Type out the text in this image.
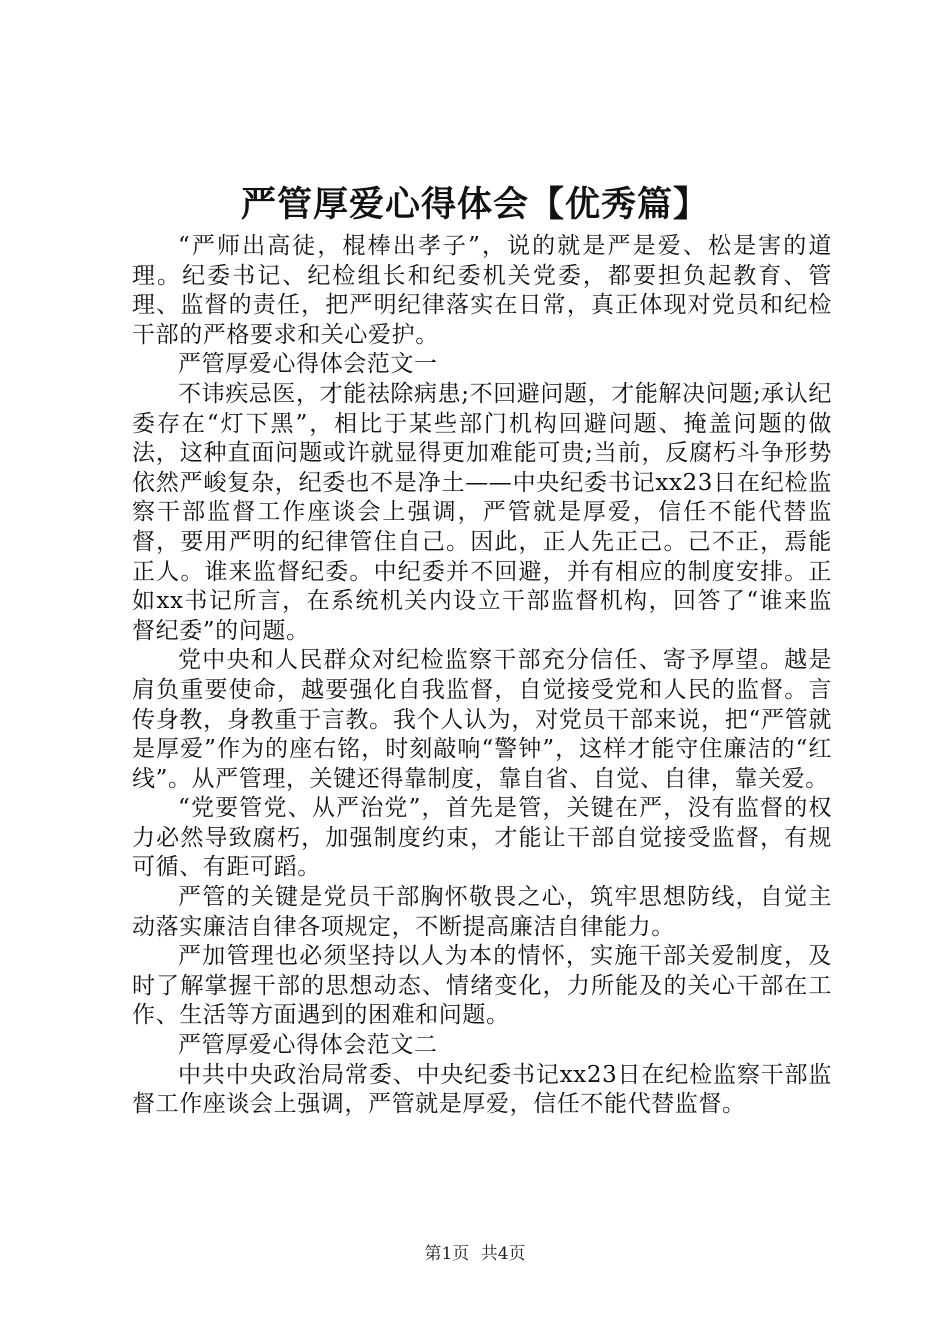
严管厚爱心得体会【优秀篇】

“严师出高徒，棍棒出孝子”，说的就是严是爱、松是害的道理。纪委书记、纪检组长和纪委机关党委，都要担负起教育、管理、监督的责任，把严明纪律落实在日常，真正体现对党员和纪检干部的严格要求和关心爱护。

严管厚爱心得体会范文一

不讳疾忌医，才能祛除病患;不回避问题，才能解决问题;承认纪委存在“灯下黑”，相比于某些部门机构回避问题、掩盖问题的做法，这种直面问题或许就显得更加难能可贵;当前，反腐朽斗争形势依然严峻复杂，纪委也不是净土——中央纪委书记xx23日在纪检监察干部监督工作座谈会上强调，严管就是厚爱，信任不能代替监督，要用严明的纪律管住自己。因此，正人先正己。己不正，焉能正人。谁来监督纪委。中纪委并不回避，并有相应的制度安排。正如xx书记所言，在系统机关内设立干部监督机构，回答了“谁来监督纪委”的问题。

党中央和人民群众对纪检监察干部充分信任、寄予厚望。越是肩负重要使命，越要强化自我监督，自觉接受党和人民的监督。言传身教，身教重于言教。我个人认为，对党员干部来说，把“严管就是厚爱”作为的座右铭，时刻敲响“警钟”，这样才能守住廉洁的“红线”。从严管理，关键还得靠制度，靠自省、自觉、自律，靠关爱。

“党要管党、从严治党”，首先是管，关键在严，没有监督的权力必然导致腐朽，加强制度约束，才能让干部自觉接受监督，有规可循、有距可蹈。

严管的关键是党员干部胸怀敬畏之心，筑牢思想防线，自觉主动落实廉洁自律各项规定，不断提高廉洁自律能力。

严加管理也必须坚持以人为本的情怀，实施干部关爱制度，及时了解掌握干部的思想动态、情绪变化，力所能及的关心干部在工作、生活等方面遇到的困难和问题。

严管厚爱心得体会范文二

中共中央政治局常委、中央纪委书记xx23日在纪检监察干部监督工作座谈会上强调，严管就是厚爱，信任不能代替监督。

第1页 共4页
